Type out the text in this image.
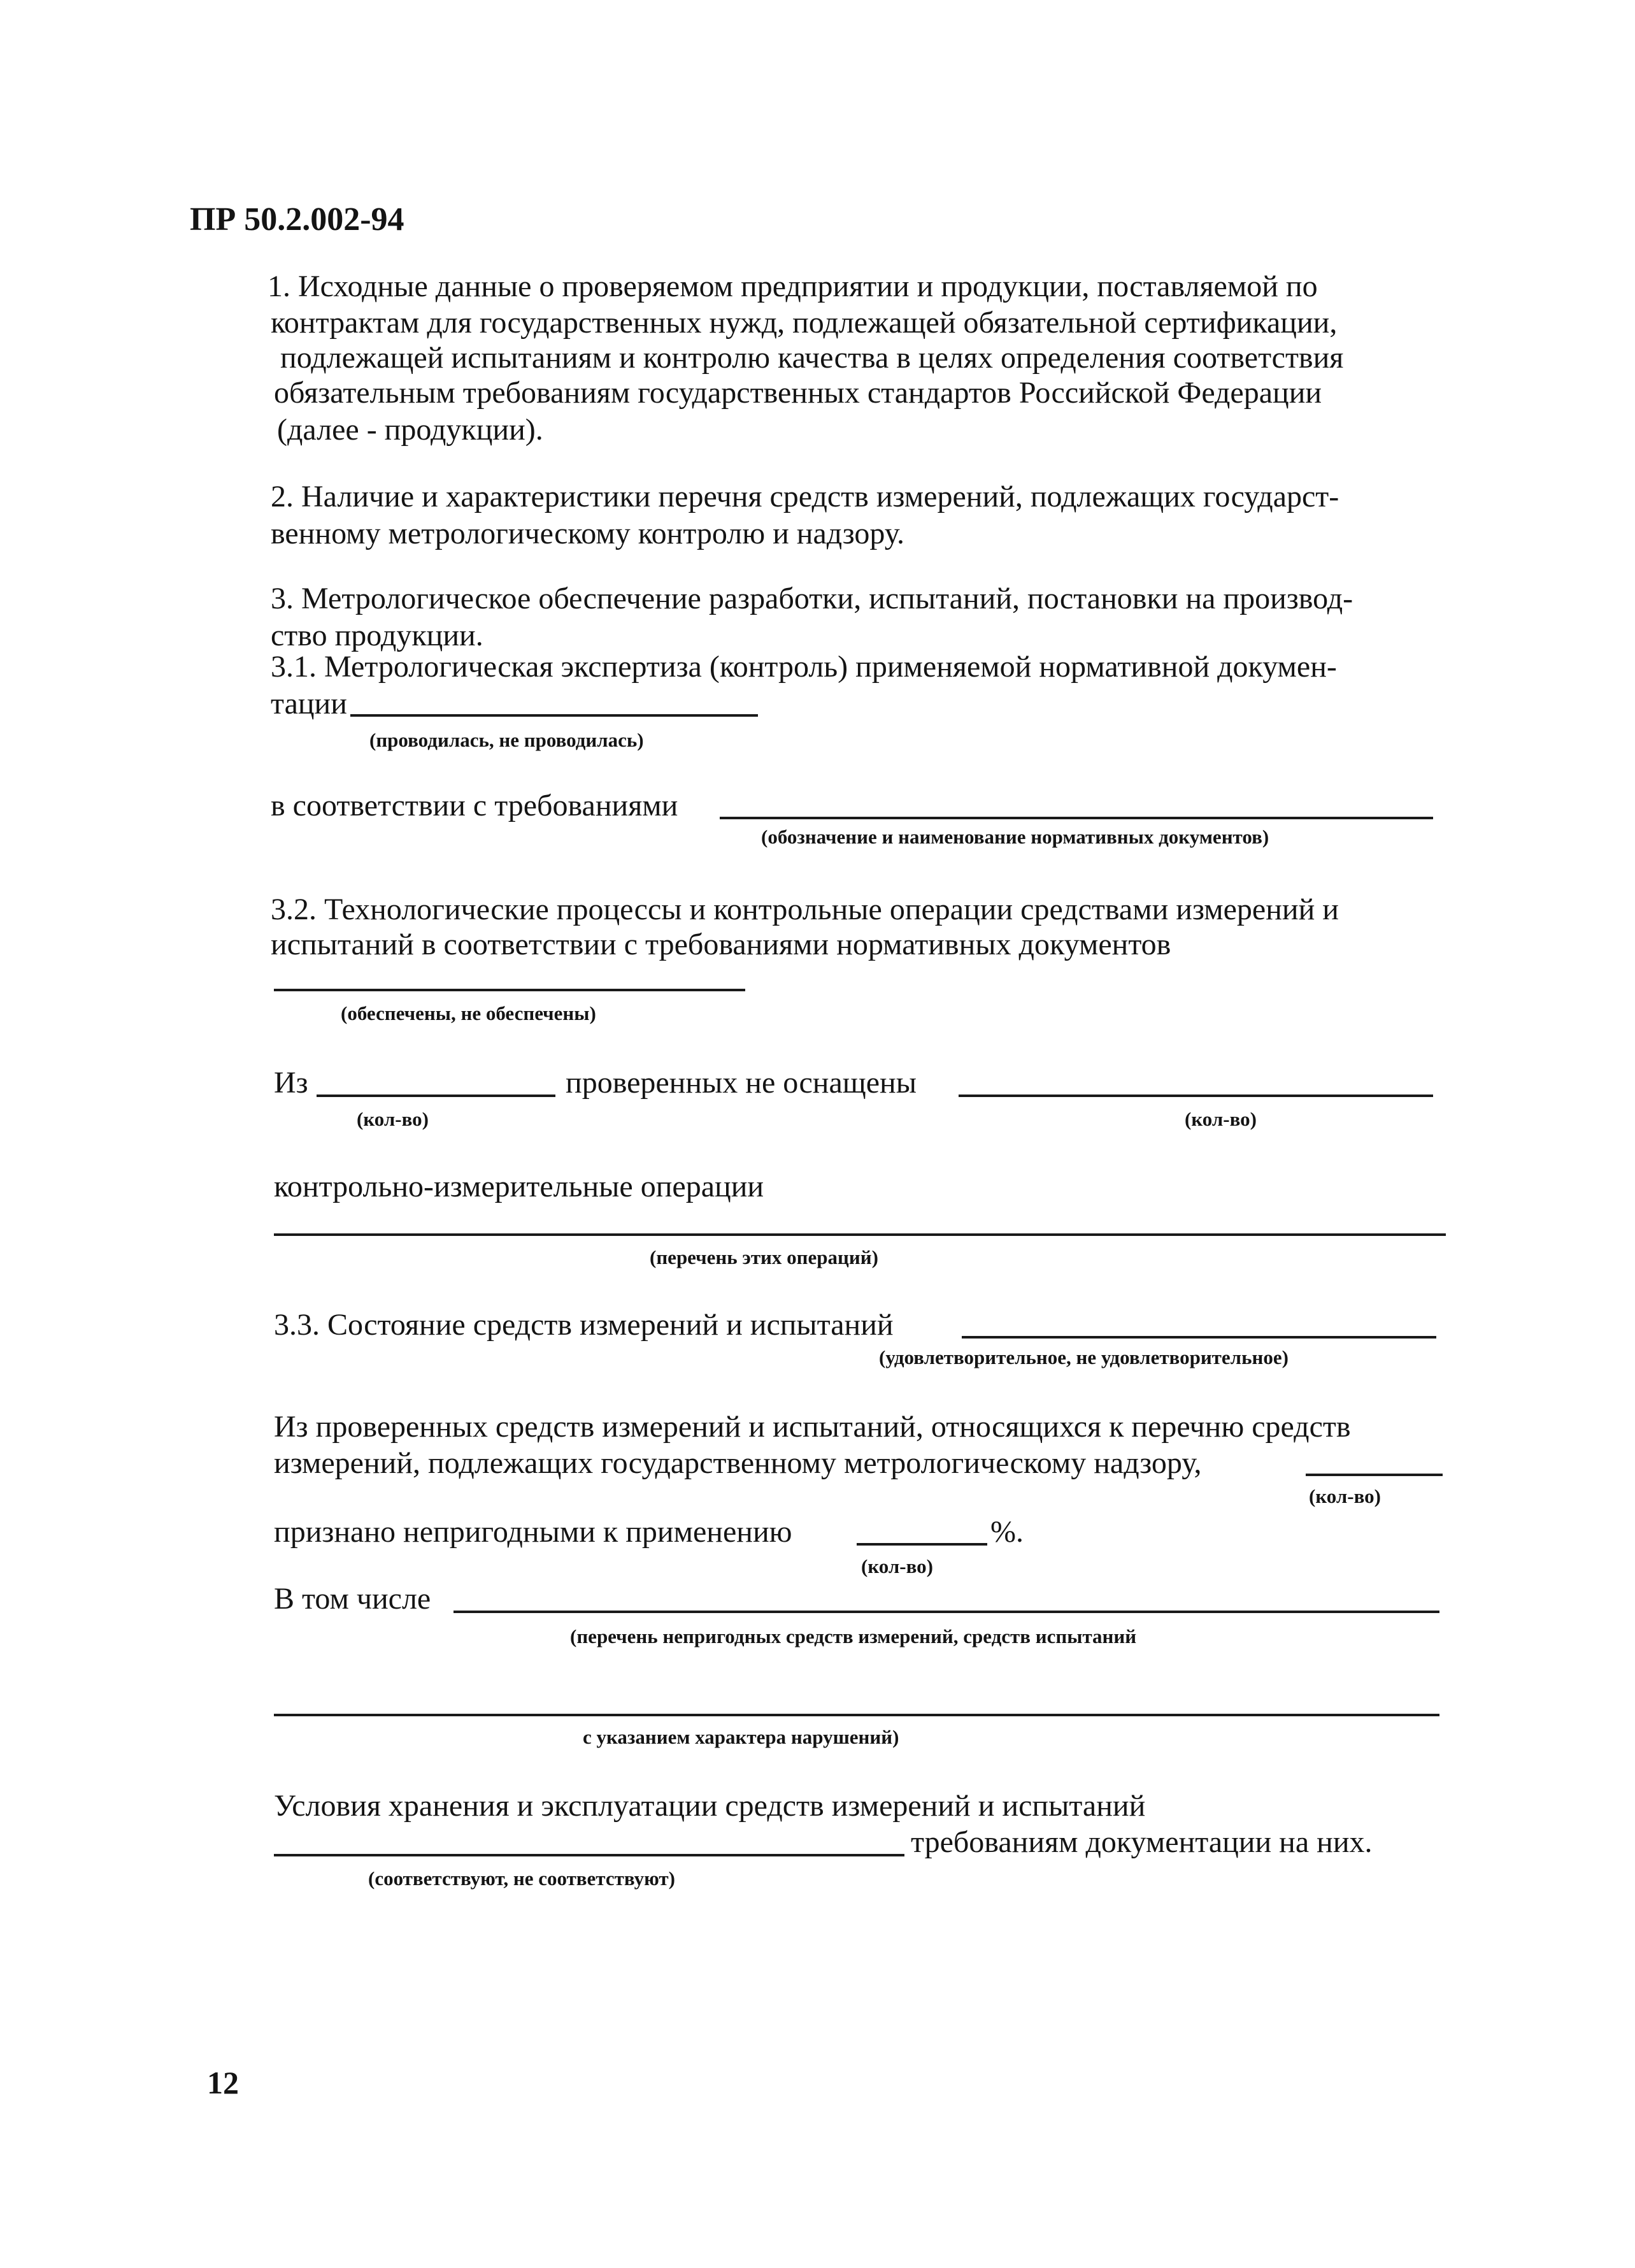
ПР 50.2.002-94
1. Исходные данные о проверяемом предприятии и продукции, поставляемой по
контрактам для государственных нужд, подлежащей обязательной сертификации,
подлежащей испытаниям и контролю качества в целях определения соответствия
обязательным требованиям государственных стандартов Российской Федерации
(далее - продукции).
2. Наличие и характеристики перечня средств измерений, подлежащих государст-
венному метрологическому контролю и надзору.
3. Метрологическое обеспечение разработки, испытаний, постановки на производ-
ство продукции.
3.1. Метрологическая экспертиза (контроль) применяемой нормативной докумен-
тации
(проводилась, не проводилась)
в соответствии с требованиями
(обозначение и наименование нормативных документов)
3.2. Технологические процессы и контрольные операции средствами измерений и
испытаний в соответствии с требованиями нормативных документов
(обеспечены, не обеспечены)
Из	проверенных не оснащены
(кол-во)	(кол-во)
контрольно-измерительные операции
(перечень этих операций)
3.3. Состояние средств измерений и испытаний
(удовлетворительное, не удовлетворительное)
Из проверенных средств измерений и испытаний, относящихся к перечню средств
измерений, подлежащих государственному метрологическому надзору,
(кол-во)
признано непригодными к применению	%.
(кол-во)
В том числе
(перечень непригодных средств измерений, средств испытаний
с указанием характера нарушений)
Условия хранения и эксплуатации средств измерений и испытаний
требованиям документации на них.
(соответствуют, не соответствуют)
12
